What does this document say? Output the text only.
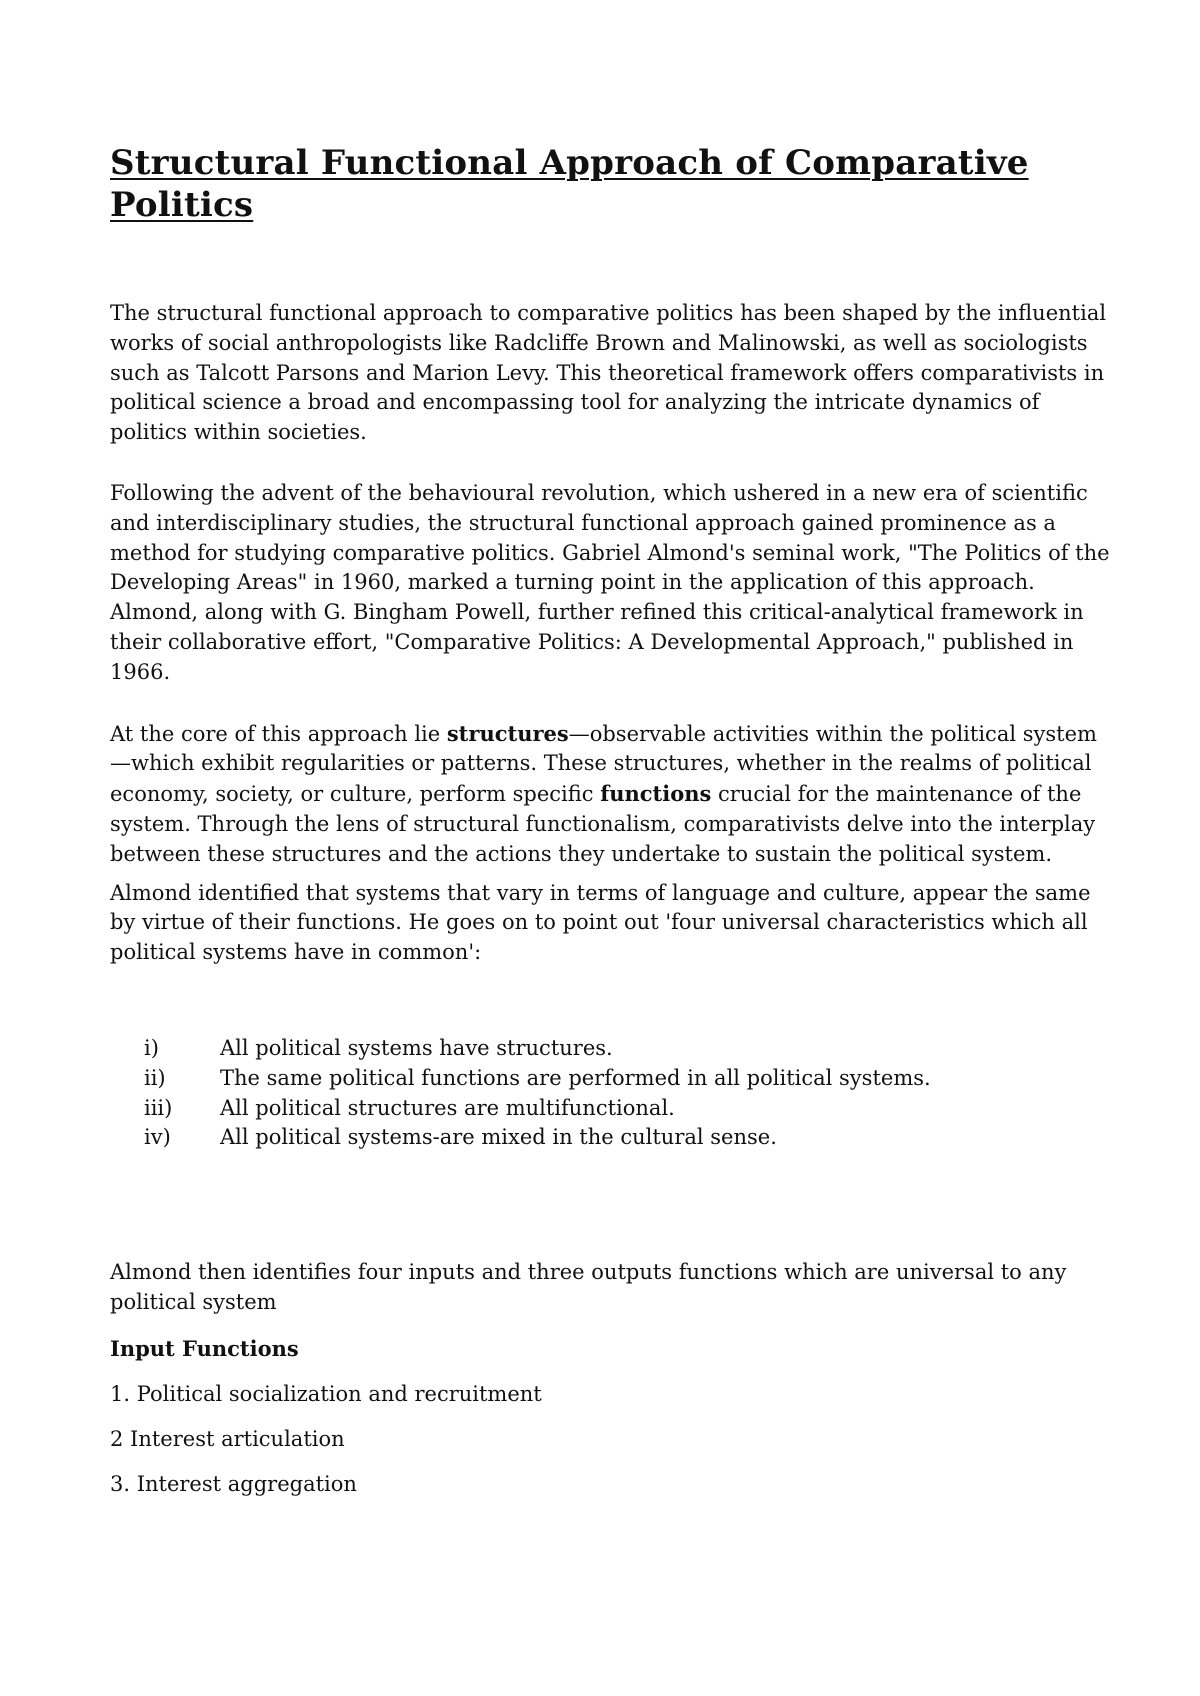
Structural Functional Approach of Comparative Politics

The structural functional approach to comparative politics has been shaped by the influential works of social anthropologists like Radcliffe Brown and Malinowski, as well as sociologists such as Talcott Parsons and Marion Levy. This theoretical framework offers comparativists in political science a broad and encompassing tool for analyzing the intricate dynamics of politics within societies.

Following the advent of the behavioural revolution, which ushered in a new era of scientific and interdisciplinary studies, the structural functional approach gained prominence as a method for studying comparative politics. Gabriel Almond's seminal work, "The Politics of the Developing Areas" in 1960, marked a turning point in the application of this approach. Almond, along with G. Bingham Powell, further refined this critical-analytical framework in their collaborative effort, "Comparative Politics: A Developmental Approach," published in 1966.

At the core of this approach lie structures—observable activities within the political system—which exhibit regularities or patterns. These structures, whether in the realms of political economy, society, or culture, perform specific functions crucial for the maintenance of the system. Through the lens of structural functionalism, comparativists delve into the interplay between these structures and the actions they undertake to sustain the political system.

Almond identified that systems that vary in terms of language and culture, appear the same by virtue of their functions. He goes on to point out 'four universal characteristics which all political systems have in common':

i)	All political systems have structures.
ii)	The same political functions are performed in all political systems.
iii)	All political structures are multifunctional.
iv)	All political systems-are mixed in the cultural sense.

Almond then identifies four inputs and three outputs functions which are universal to any political system

Input Functions

1. Political socialization and recruitment

2 Interest articulation

3. Interest aggregation
